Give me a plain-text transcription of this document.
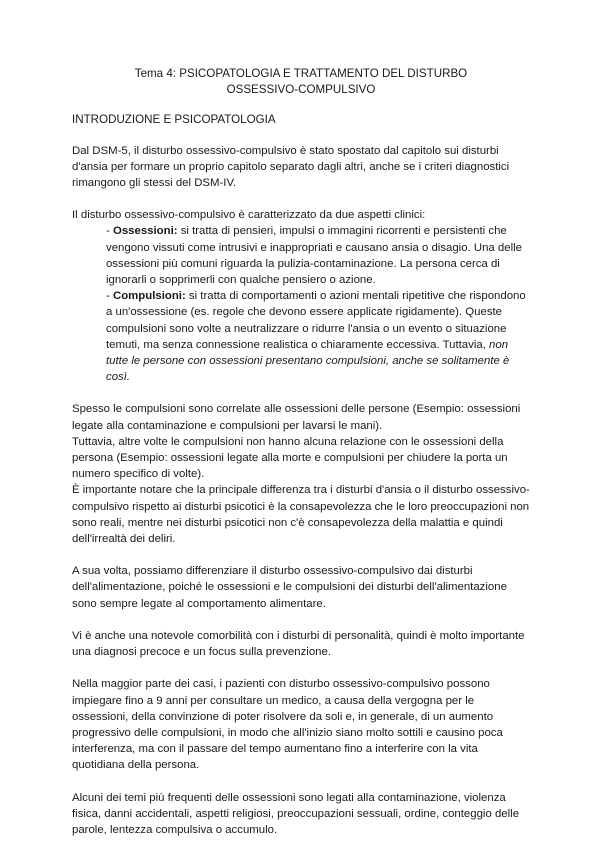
Tema 4: PSICOPATOLOGIA E TRATTAMENTO DEL DISTURBO
OSSESSIVO-COMPULSIVO
INTRODUZIONE E PSICOPATOLOGIA

Dal DSM-5, il disturbo ossessivo-compulsivo è stato spostato dal capitolo sui disturbi d'ansia per formare un proprio capitolo separato dagli altri, anche se i criteri diagnostici rimangono gli stessi del DSM-IV.

Il disturbo ossessivo-compulsivo è caratterizzato da due aspetti clinici:

- Ossessioni: si tratta di pensieri, impulsi o immagini ricorrenti e persistenti che vengono vissuti come intrusivi e inappropriati e causano ansia o disagio. Una delle ossessioni più comuni riguarda la pulizia-contaminazione. La persona cerca di ignorarli o sopprimerli con qualche pensiero o azione.
- Compulsioni: si tratta di comportamenti o azioni mentali ripetitive che rispondono a un'ossessione (es. regole che devono essere applicate rigidamente). Queste compulsioni sono volte a neutralizzare o ridurre l'ansia o un evento o situazione temuti, ma senza connessione realistica o chiaramente eccessiva. Tuttavia, non tutte le persone con ossessioni presentano compulsioni, anche se solitamente è così.

Spesso le compulsioni sono correlate alle ossessioni delle persone (Esempio: ossessioni legate alla contaminazione e compulsioni per lavarsi le mani).

Tuttavia, altre volte le compulsioni non hanno alcuna relazione con le ossessioni della persona (Esempio: ossessioni legate alla morte e compulsioni per chiudere la porta un numero specifico di volte).

È importante notare che la principale differenza tra i disturbi d'ansia o il disturbo ossessivo-compulsivo rispetto ai disturbi psicotici è la consapevolezza che le loro preoccupazioni non sono reali, mentre nei disturbi psicotici non c'è consapevolezza della malattia e quindi dell'irrealtà dei deliri.

A sua volta, possiamo differenziare il disturbo ossessivo-compulsivo dai disturbi dell'alimentazione, poiché le ossessioni e le compulsioni dei disturbi dell'alimentazione sono sempre legate al comportamento alimentare.

Vi è anche una notevole comorbilità con i disturbi di personalità, quindi è molto importante una diagnosi precoce e un focus sulla prevenzione.

Nella maggior parte dei casi, i pazienti con disturbo ossessivo-compulsivo possono impiegare fino a 9 anni per consultare un medico, a causa della vergogna per le ossessioni, della convinzione di poter risolvere da soli e, in generale, di un aumento progressivo delle compulsioni, in modo che all'inizio siano molto sottili e causino poca interferenza, ma con il passare del tempo aumentano fino a interferire con la vita quotidiana della persona.

Alcuni dei temi più frequenti delle ossessioni sono legati alla contaminazione, violenza fisica, danni accidentali, aspetti religiosi, preoccupazioni sessuali, ordine, conteggio delle parole, lentezza compulsiva o accumulo.
